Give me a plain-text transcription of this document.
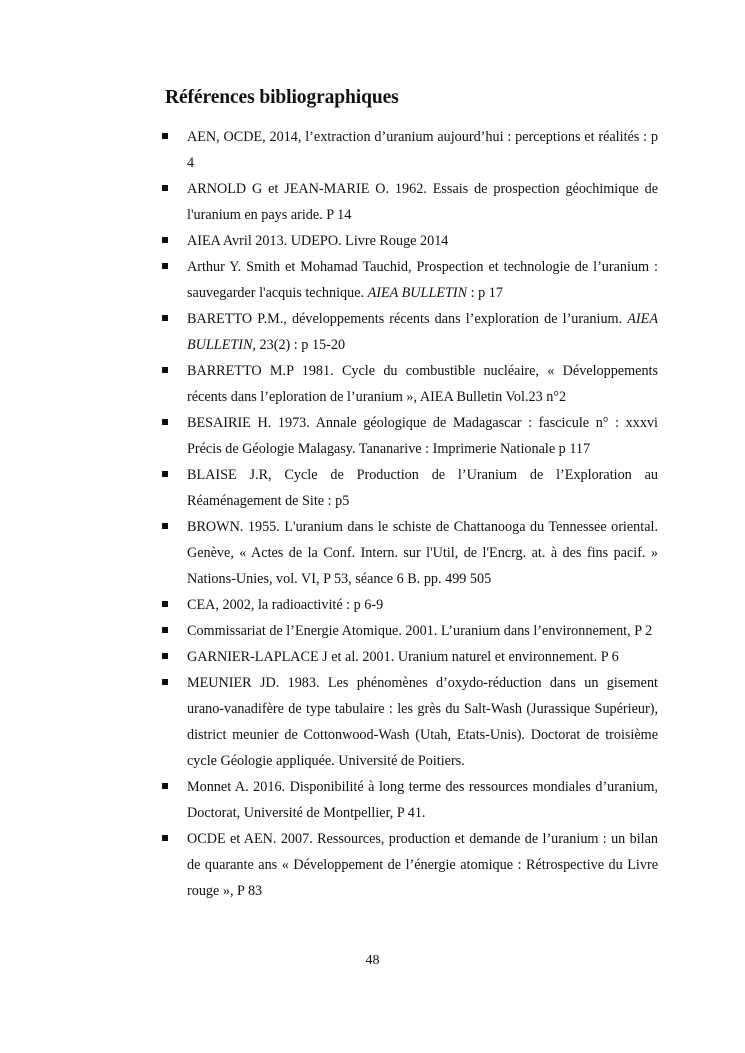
Références bibliographiques
AEN, OCDE, 2014, l’extraction d’uranium aujourd’hui : perceptions et réalités : p 4
ARNOLD G et JEAN-MARIE O. 1962. Essais de prospection géochimique de l'uranium en pays aride. P 14
AIEA Avril 2013. UDEPO. Livre Rouge 2014
Arthur Y. Smith et Mohamad Tauchid, Prospection et technologie de l’uranium : sauvegarder l'acquis technique. AIEA BULLETIN : p 17
BARETTO P.M., développements récents dans l’exploration de l’uranium. AIEA BULLETIN, 23(2) : p 15-20
BARRETTO M.P 1981. Cycle du combustible nucléaire, « Développements récents dans l’eploration de l’uranium », AIEA Bulletin Vol.23 n°2
BESAIRIE H. 1973. Annale géologique de Madagascar : fascicule n° : xxxvi Précis de Géologie Malagasy. Tananarive : Imprimerie Nationale p 117
BLAISE J.R, Cycle de Production de l’Uranium de l’Exploration au Réaménagement de Site : p5
BROWN. 1955. L'uranium dans le schiste de Chattanooga du Tennessee oriental. Genève, « Actes de la Conf. Intern. sur l'Util, de l'Encrg. at. à des fins pacif. » Nations-Unies, vol. VI, P 53, séance 6 B. pp. 499 505
CEA, 2002, la radioactivité : p 6-9
Commissariat de l’Energie Atomique. 2001. L’uranium dans l’environnement, P 2
GARNIER-LAPLACE J et al. 2001. Uranium naturel et environnement. P 6
MEUNIER JD. 1983. Les phénomènes d’oxydo-réduction dans un gisement urano-vanadifère de type tabulaire : les grès du Salt-Wash (Jurassique Supérieur), district meunier de Cottonwood-Wash (Utah, Etats-Unis). Doctorat de troisième cycle Géologie appliquée. Université de Poitiers.
Monnet A. 2016. Disponibilité à long terme des ressources mondiales d’uranium, Doctorat, Université de Montpellier, P 41.
OCDE et AEN. 2007. Ressources, production et demande de l’uranium : un bilan de quarante ans « Développement de l’énergie atomique : Rétrospective du Livre rouge », P 83
48
